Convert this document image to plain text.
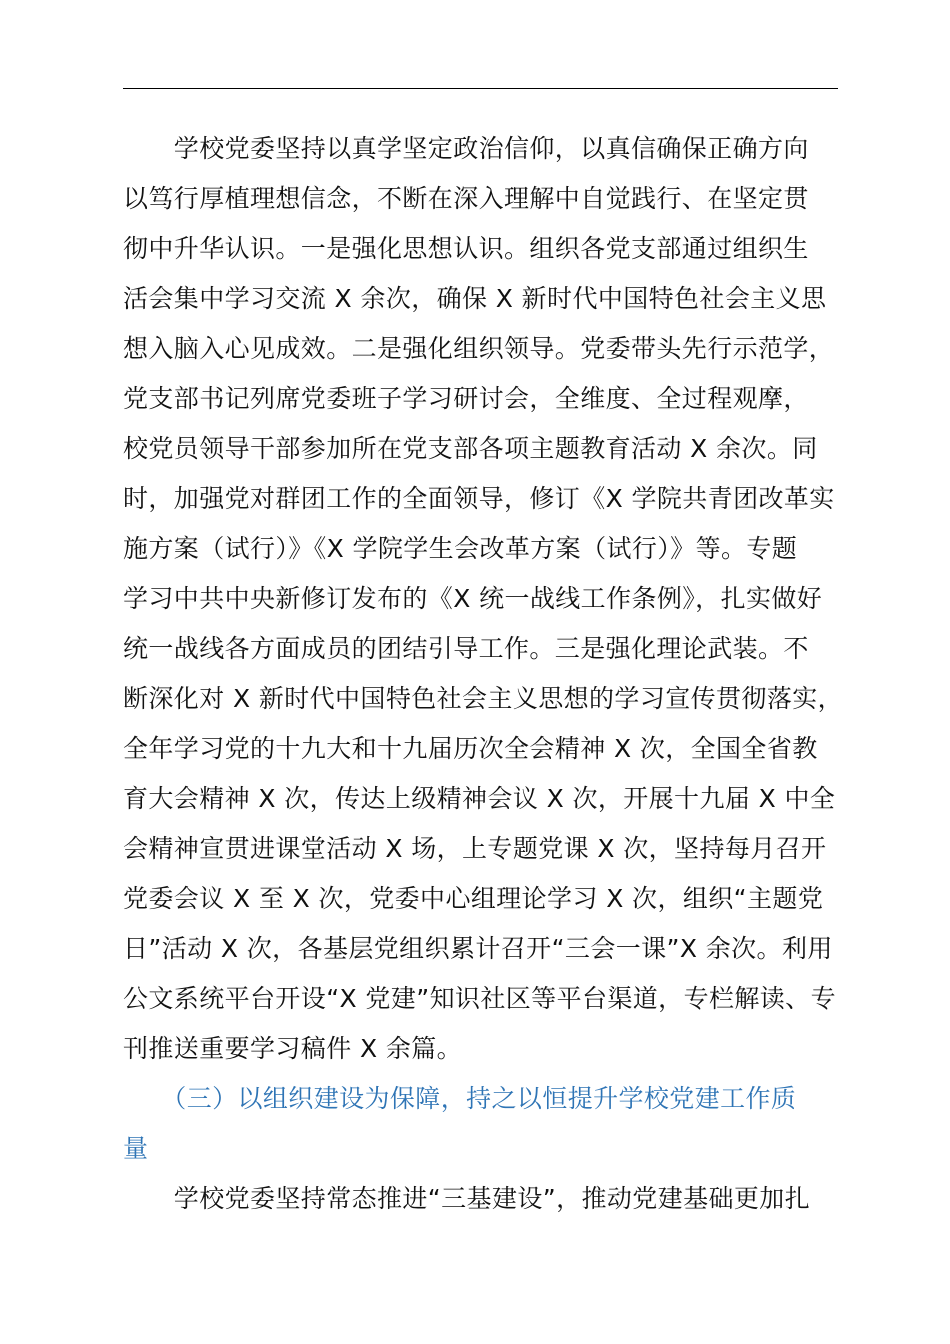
　　学校党委坚持以真学坚定政治信仰，以真信确保正确方向
以笃行厚植理想信念，不断在深入理解中自觉践行、在坚定贯
彻中升华认识。一是强化思想认识。组织各党支部通过组织生
活会集中学习交流 X 余次，确保 X 新时代中国特色社会主义思
想入脑入心见成效。二是强化组织领导。党委带头先行示范学，
党支部书记列席党委班子学习研讨会，全维度、全过程观摩，
校党员领导干部参加所在党支部各项主题教育活动 X 余次。同
时，加强党对群团工作的全面领导，修订《X 学院共青团改革实
施方案（试行）》《X 学院学生会改革方案（试行）》等。专题
学习中共中央新修订发布的《X 统一战线工作条例》，扎实做好
统一战线各方面成员的团结引导工作。三是强化理论武装。不
断深化对 X 新时代中国特色社会主义思想的学习宣传贯彻落实，
全年学习党的十九大和十九届历次全会精神 X 次，全国全省教
育大会精神 X 次，传达上级精神会议 X 次，开展十九届 X 中全
会精神宣贯进课堂活动 X 场，上专题党课 X 次，坚持每月召开
党委会议 X 至 X 次，党委中心组理论学习 X 次，组织“主题党
日”活动 X 次，各基层党组织累计召开“三会一课”X 余次。利用
公文系统平台开设“X 党建”知识社区等平台渠道，专栏解读、专
刊推送重要学习稿件 X 余篇。
　　（三）以组织建设为保障，持之以恒提升学校党建工作质
量
　　学校党委坚持常态推进“三基建设”，推动党建基础更加扎
